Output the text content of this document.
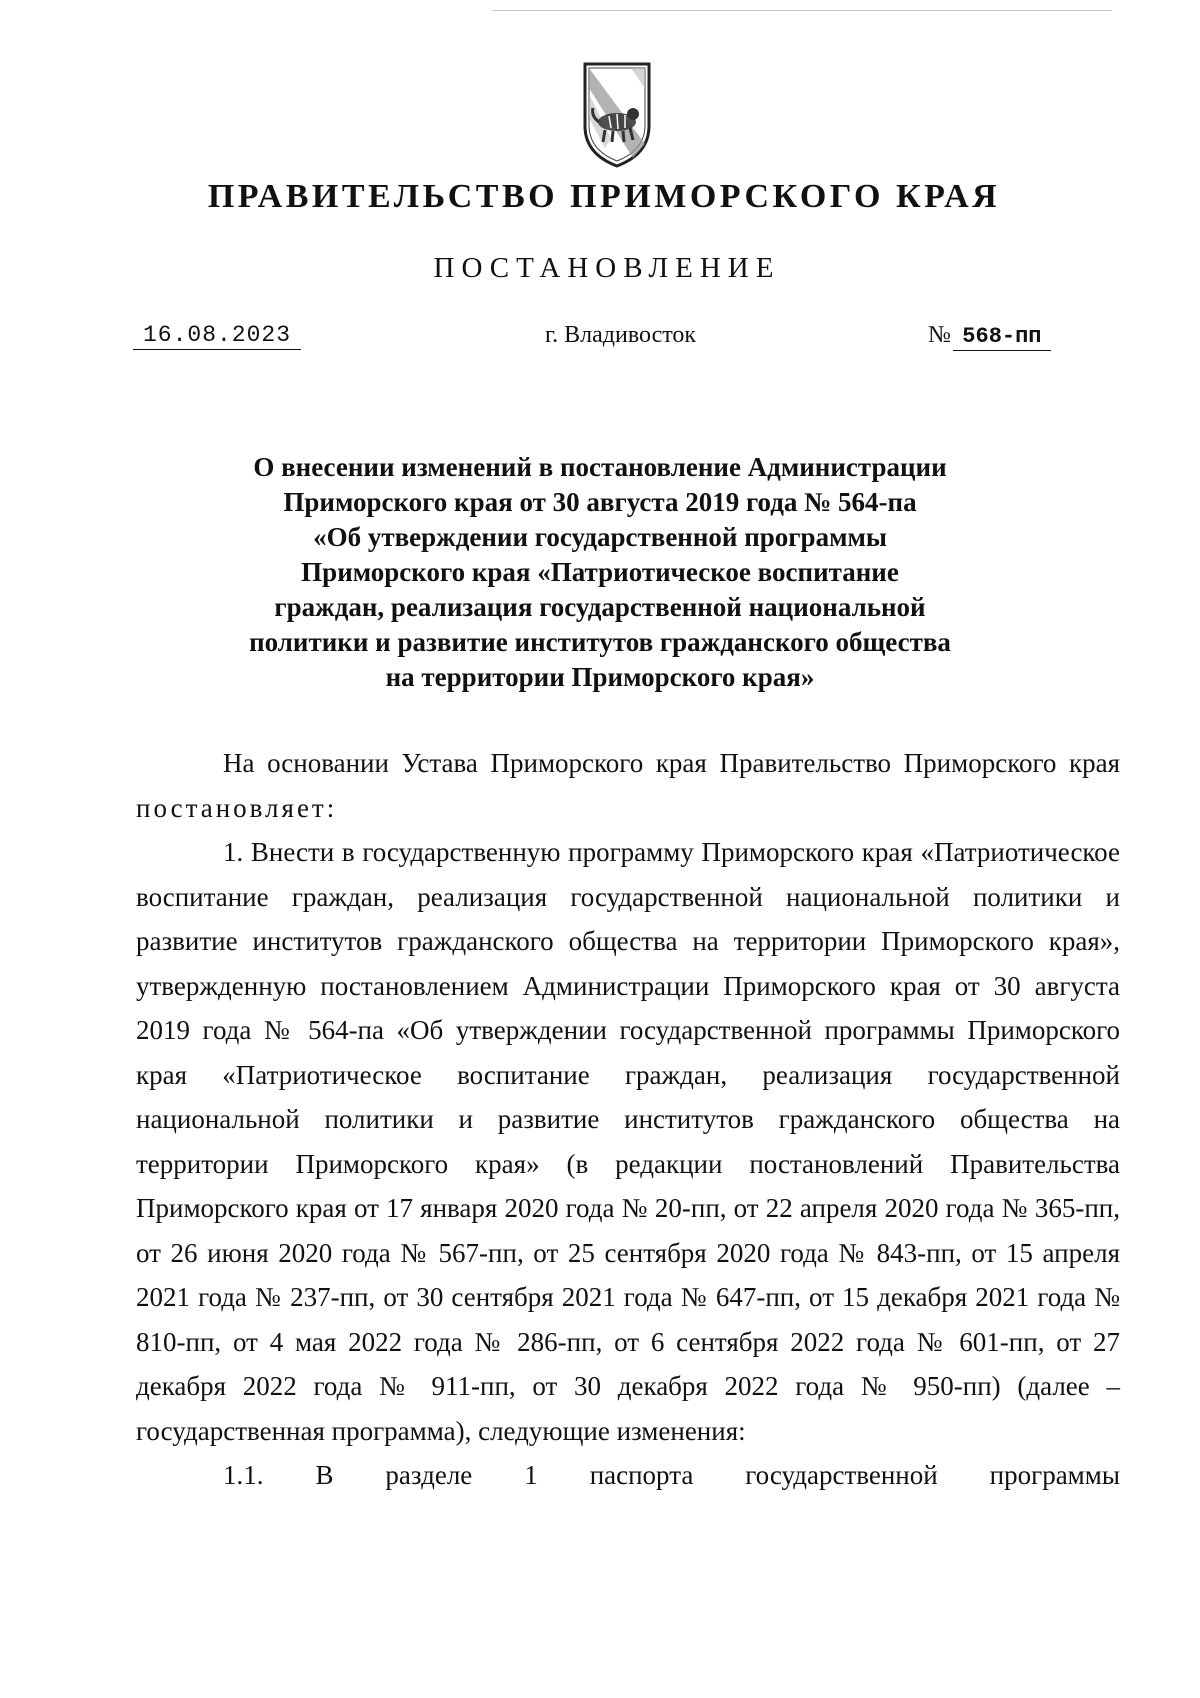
ПРАВИТЕЛЬСТВО ПРИМОРСКОГО КРАЯ
ПОСТАНОВЛЕНИЕ
16.08.2023	г. Владивосток	№ 568-пп
О внесении изменений в постановление Администрации
Приморского края от 30 августа 2019 года № 564-па
«Об утверждении государственной программы
Приморского края «Патриотическое воспитание
граждан, реализация государственной национальной
политики и развитие институтов гражданского общества
на территории Приморского края»

На основании Устава Приморского края Правительство Приморского края постановляет:

1. Внести в государственную программу Приморского края «Патриотическое воспитание граждан, реализация государственной национальной политики и развитие институтов гражданского общества на территории Приморского края», утвержденную постановлением Администрации Приморского края от 30 августа 2019 года № 564-па «Об утверждении государственной программы Приморского края «Патриотическое воспитание граждан, реализация государственной национальной политики и развитие институтов гражданского общества на территории Приморского края» (в редакции постановлений Правительства Приморского края от 17 января 2020 года № 20-пп, от 22 апреля 2020 года № 365-пп, от 26 июня 2020 года № 567-пп, от 25 сентября 2020 года № 843-пп, от 15 апреля 2021 года № 237-пп, от 30 сентября 2021 года № 647-пп, от 15 декабря 2021 года № 810-пп, от 4 мая 2022 года № 286-пп, от 6 сентября 2022 года № 601-пп, от 27 декабря 2022 года № 911-пп, от 30 декабря 2022 года № 950-пп) (далее – государственная программа), следующие изменения:

1.1. В разделе 1 паспорта государственной программы
